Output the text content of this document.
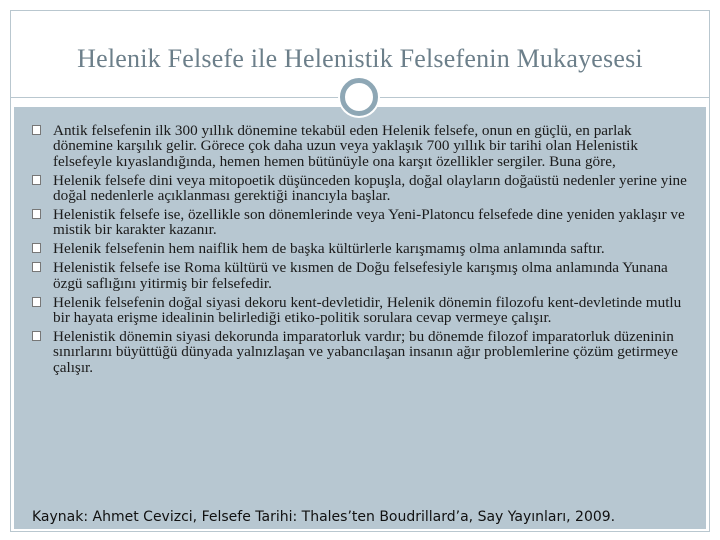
Helenik Felsefe ile Helenistik Felsefenin Mukayesesi
Antik felsefenin ilk 300 yıllık dönemine tekabül eden Helenik felsefe, onun en güçlü, en parlak dönemine karşılık gelir. Görece çok daha uzun veya yaklaşık 700 yıllık bir tarihi olan Helenistik felsefeyle kıyaslandığında, hemen hemen bütünüyle ona karşıt özellikler sergiler. Buna göre,
Helenik felsefe dini veya mitopoetik düşünceden kopuşla, doğal olayların doğaüstü nedenler yerine yine doğal nedenlerle açıklanması gerektiği inancıyla başlar.
Helenistik felsefe ise, özellikle son dönemlerinde veya Yeni-Platoncu felsefede dine yeniden yaklaşır ve mistik bir karakter kazanır.
Helenik felsefenin hem naiflik hem de başka kültürlerle karışmamış olma anlamında saftır.
Helenistik felsefe ise Roma kültürü ve kısmen de Doğu felsefesiyle karışmış olma anlamında Yunana özgü saflığını yitirmiş bir felsefedir.
Helenik felsefenin doğal siyasi dekoru kent-devletidir, Helenik dönemin filozofu kent-devletinde mutlu bir hayata erişme idealinin belirlediği etiko-politik sorulara cevap vermeye çalışır.
Helenistik dönemin siyasi dekorunda imparatorluk vardır; bu dönemde filozof imparatorluk düzeninin sınırlarını büyüttüğü dünyada yalnızlaşan ve yabancılaşan insanın ağır problemlerine çözüm getirmeye çalışır.
Kaynak: Ahmet Cevizci, Felsefe Tarihi: Thales’ten Boudrillard’a, Say Yayınları, 2009.
